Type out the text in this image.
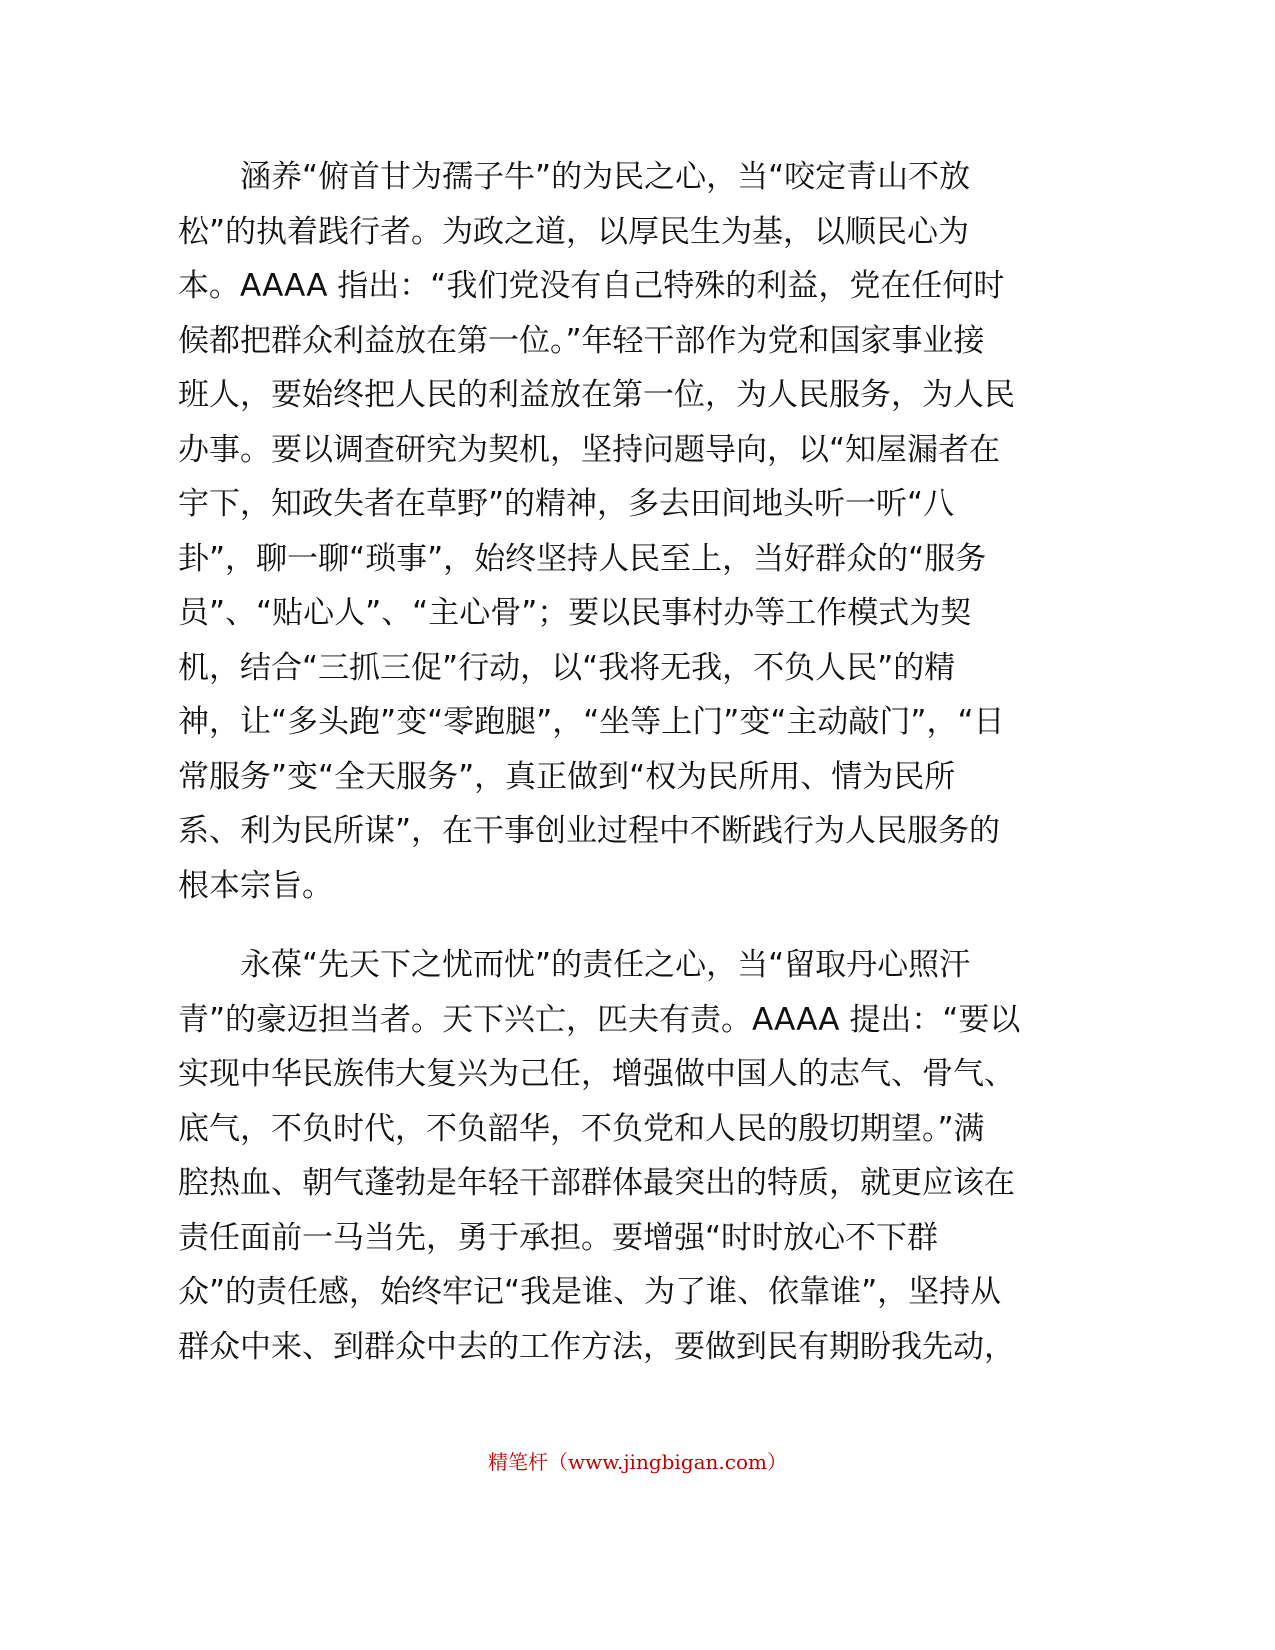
涵养“俯首甘为孺子牛”的为民之心，当“咬定青山不放
松”的执着践行者。为政之道，以厚民生为基，以顺民心为
本。AAAA 指出：“我们党没有自己特殊的利益，党在任何时
候都把群众利益放在第一位。”年轻干部作为党和国家事业接
班人，要始终把人民的利益放在第一位，为人民服务，为人民
办事。要以调查研究为契机，坚持问题导向，以“知屋漏者在
宇下，知政失者在草野”的精神，多去田间地头听一听“八
卦”，聊一聊“琐事”，始终坚持人民至上，当好群众的“服务
员”、“贴心人”、“主心骨”；要以民事村办等工作模式为契
机，结合“三抓三促”行动，以“我将无我，不负人民”的精
神，让“多头跑”变“零跑腿”，“坐等上门”变“主动敲门”，“日
常服务”变“全天服务”，真正做到“权为民所用、情为民所
系、利为民所谋”，在干事创业过程中不断践行为人民服务的
根本宗旨。
永葆“先天下之忧而忧”的责任之心，当“留取丹心照汗
青”的豪迈担当者。天下兴亡，匹夫有责。AAAA 提出：“要以
实现中华民族伟大复兴为己任，增强做中国人的志气、骨气、
底气，不负时代，不负韶华，不负党和人民的殷切期望。”满
腔热血、朝气蓬勃是年轻干部群体最突出的特质，就更应该在
责任面前一马当先，勇于承担。要增强“时时放心不下群
众”的责任感，始终牢记“我是谁、为了谁、依靠谁”，坚持从
群众中来、到群众中去的工作方法，要做到民有期盼我先动，
精笔杆（www.jingbigan.com）
